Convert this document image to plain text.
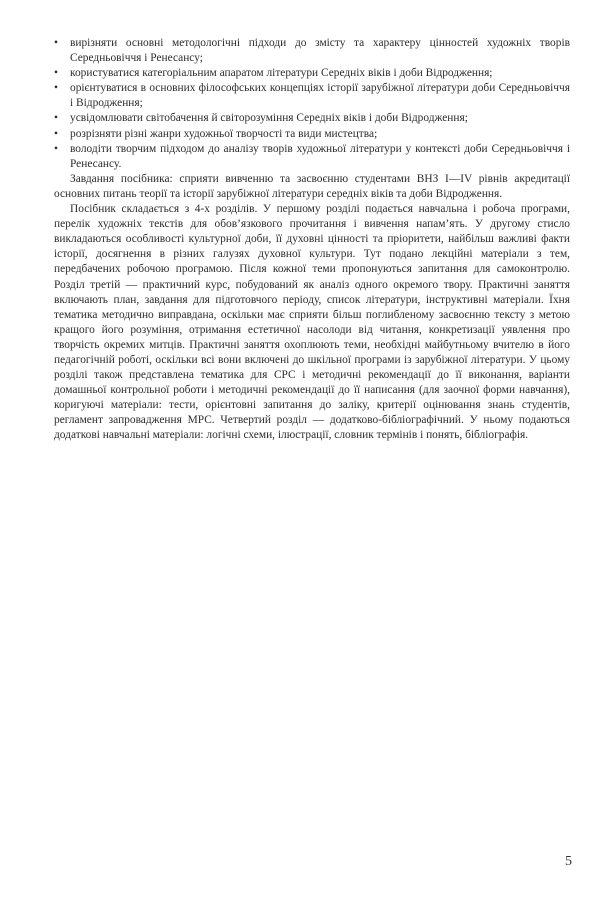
• вирізняти основні методологічні підходи до змісту та характеру цінностей художніх творів Середньовіччя і Ренесансу;
• користуватися категоріальним апаратом літератури Середніх віків і доби Відродження;
• орієнтуватися в основних філософських концепціях історії зарубіжної літератури доби Середньовіччя і Відродження;
• усвідомлювати світобачення й світорозуміння Середніх віків і доби Відродження;
• розрізняти різні жанри художньої творчості та види мистецтва;
• володіти творчим підходом до аналізу творів художньої літератури у контексті доби Середньовіччя і Ренесансу.

Завдання посібника: сприяти вивченню та засвоєнню студентами ВНЗ І—IV рівнів акредитації основних питань теорії та історії зарубіжної літератури середніх віків та доби Відродження.

Посібник складається з 4-х розділів. У першому розділі подається навчальна і робоча програми, перелік художніх текстів для обов’язкового прочитання і вивчення напам’ять. У другому стисло викладаються особливості культурної доби, її духовні цінності та пріоритети, найбільш важливі факти історії, досягнення в різних галузях духовної культури. Тут подано лекційні матеріали з тем, передбачених робочою програмою. Після кожної теми пропонуються запитання для самоконтролю. Розділ третій — практичний курс, побудований як аналіз одного окремого твору. Практичні заняття включають план, завдання для підготовчого періоду, список літератури, інструктивні матеріали. Їхня тематика методично виправдана, оскільки має сприяти більш поглибленому засвоєнню тексту з метою кращого його розуміння, отримання естетичної насолоди від читання, конкретизації уявлення про творчість окремих митців. Практичні заняття охоплюють теми, необхідні майбутньому вчителю в його педагогічній роботі, оскільки всі вони включені до шкільної програми із зарубіжної літератури. У цьому розділі також представлена тематика для СРС і методичні рекомендації до її виконання, варіанти домашньої контрольної роботи і методичні рекомендації до її написання (для заочної форми навчання), коригуючі матеріали: тести, орієнтовні запитання до заліку, критерії оцінювання знань студентів, регламент запровадження МРС. Четвертий розділ — додатково-бібліографічний. У ньому подаються додаткові навчальні матеріали: логічні схеми, ілюстрації, словник термінів і понять, бібліографія.

5
